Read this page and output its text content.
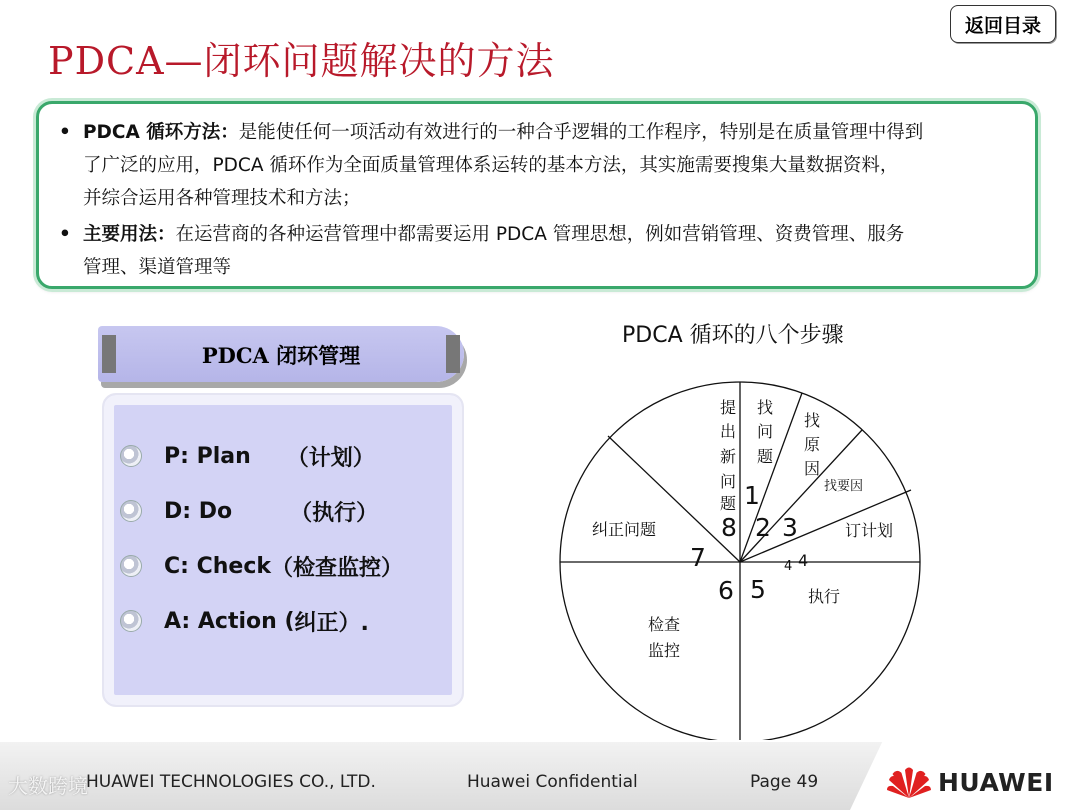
PDCA—闭环问题解决的方法
返回目录
• PDCA 循环方法：是能使任何一项活动有效进行的一种合乎逻辑的工作程序，特别是在质量管理中得到
了广泛的应用，PDCA 循环作为全面质量管理体系运转的基本方法，其实施需要搜集大量数据资料，
并综合运用各种管理技术和方法；
• 主要用法：在运营商的各种运营管理中都需要运用 PDCA 管理思想，例如营销管理、资费管理、服务
管理、渠道管理等
PDCA 闭环管理
P: Plan （计划）
D: Do	（执行）
C: Check （检查监控）
A: Action ( 纠正）.
PDCA 循环的八个步骤
提
出
新
问
题
找
问
题
找
原
因
找要因
订计划
执行
检查
监控
纠正问题
1
8 2 3
7
6 5
4 4
HUAWEI TECHNOLOGIES CO., LTD.	Huawei Confidential	Page 49	HUAWEI
大数跨境
